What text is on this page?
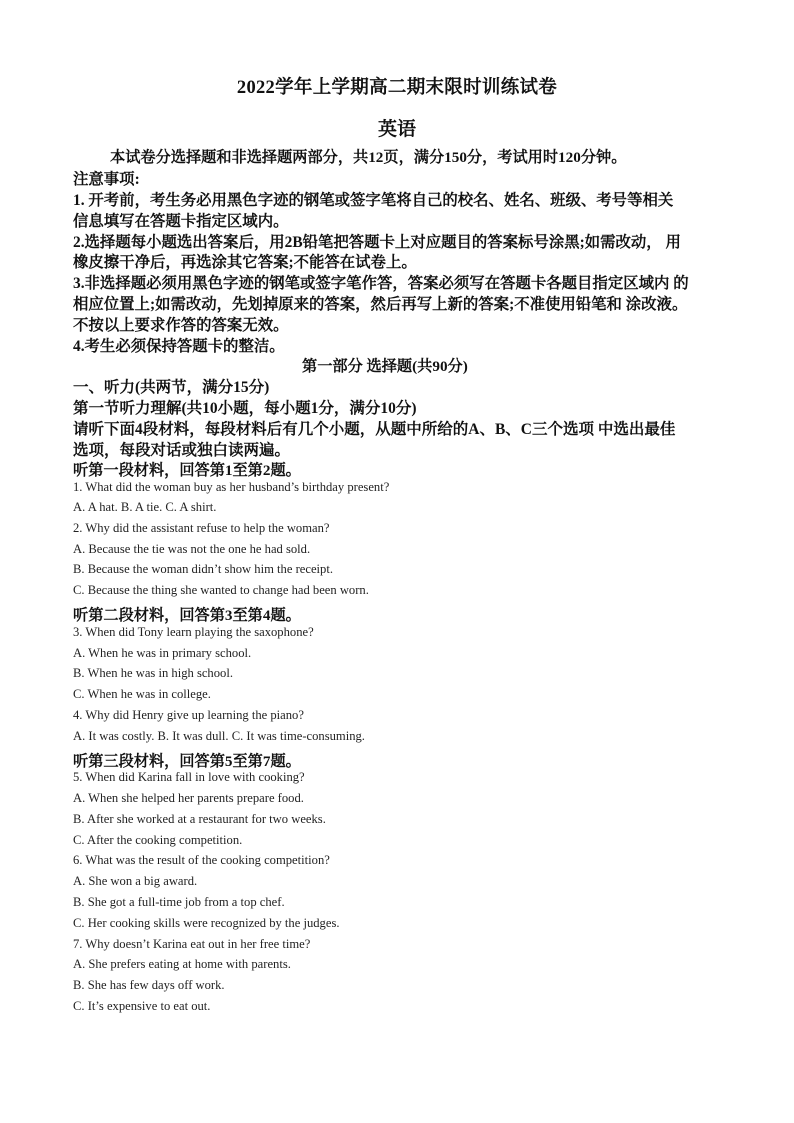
2022学年上学期高二期末限时训练试卷
英语
本试卷分选择题和非选择题两部分，共12页，满分150分，考试用时120分钟。
注意事项:
1. 开考前，考生务必用黑色字迹的钢笔或签字笔将自己的校名、姓名、班级、考号等相关
信息填写在答题卡指定区域内。
2.选择题每小题选出答案后，用2B铅笔把答题卡上对应题目的答案标号涂黑;如需改动， 用
橡皮擦干净后，再选涂其它答案;不能答在试卷上。
3.非选择题必须用黑色字迹的钢笔或签字笔作答，答案必须写在答题卡各题目指定区域内 的
相应位置上;如需改动，先划掉原来的答案，然后再写上新的答案;不准使用铅笔和 涂改液。
不按以上要求作答的答案无效。
4.考生必须保持答题卡的整洁。
第一部分 选择题(共90分)
一、听力(共两节，满分15分)
第一节听力理解(共10小题，每小题1分，满分10分)
请听下面4段材料，每段材料后有几个小题，从题中所给的A、B、C三个选项 中选出最佳
选项，每段对话或独白读两遍。
听第一段材料，回答第1至第2题。
1. What did the woman buy as her husband’s birthday present?
A. A hat. B. A tie. C. A shirt.
2. Why did the assistant refuse to help the woman?
A. Because the tie was not the one he had sold.
B. Because the woman didn’t show him the receipt.
C. Because the thing she wanted to change had been worn.
听第二段材料，回答第3至第4题。
3. When did Tony learn playing the saxophone?
A. When he was in primary school.
B. When he was in high school.
C. When he was in college.
4. Why did Henry give up learning the piano?
A. It was costly. B. It was dull. C. It was time-consuming.
听第三段材料，回答第5至第7题。
5. When did Karina fall in love with cooking?
A. When she helped her parents prepare food.
B. After she worked at a restaurant for two weeks.
C. After the cooking competition.
6. What was the result of the cooking competition?
A. She won a big award.
B. She got a full-time job from a top chef.
C. Her cooking skills were recognized by the judges.
7. Why doesn’t Karina eat out in her free time?
A. She prefers eating at home with parents.
B. She has few days off work.
C. It’s expensive to eat out.
